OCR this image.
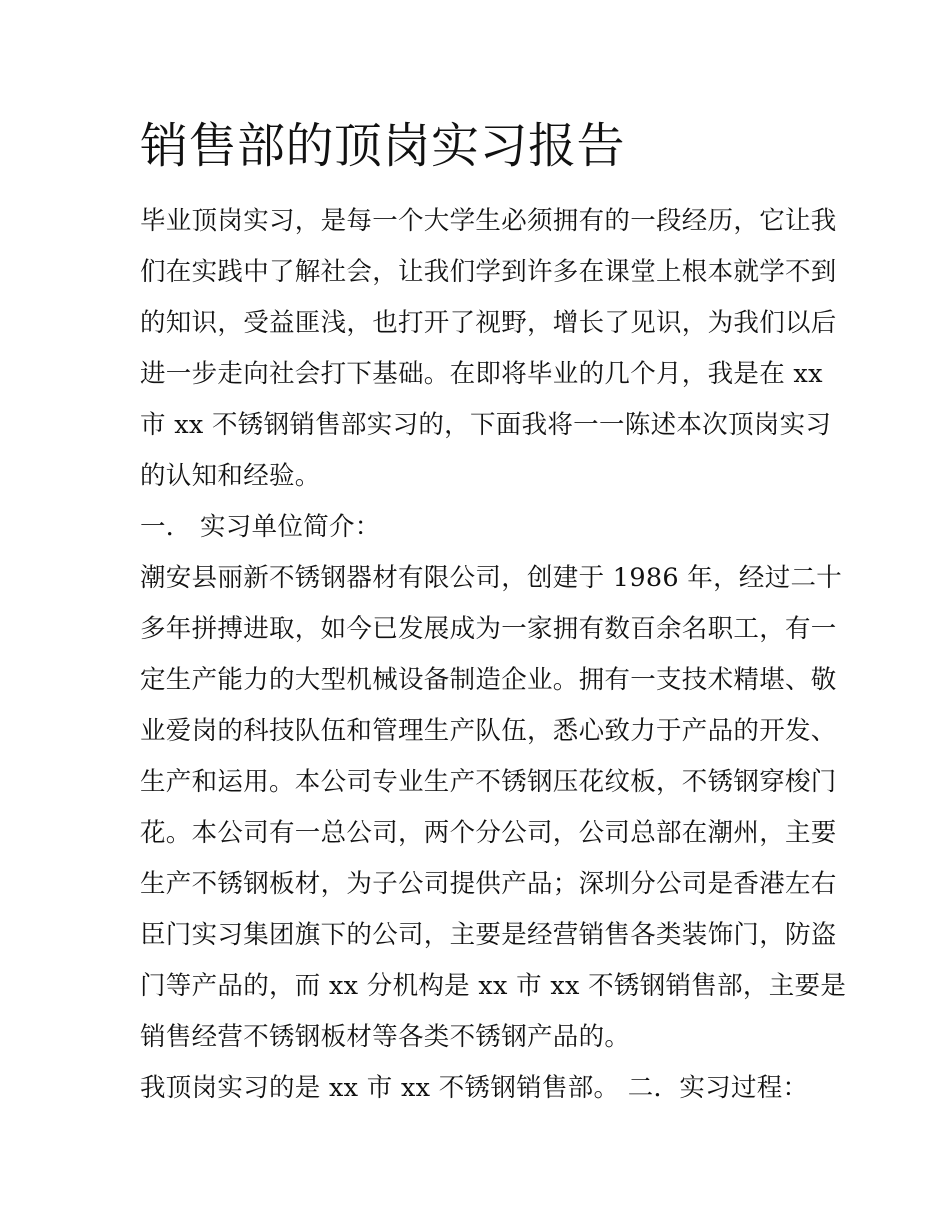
销售部的顶岗实习报告
毕业顶岗实习，是每一个大学生必须拥有的一段经历，它让我
们在实践中了解社会，让我们学到许多在课堂上根本就学不到
的知识，受益匪浅，也打开了视野，增长了见识，为我们以后
进一步走向社会打下基础。在即将毕业的几个月，我是在 xx
市 xx 不锈钢销售部实习的，下面我将一一陈述本次顶岗实习
的认知和经验。
一． 实习单位简介：
潮安县丽新不锈钢器材有限公司，创建于 1986 年，经过二十
多年拼搏进取，如今已发展成为一家拥有数百余名职工，有一
定生产能力的大型机械设备制造企业。拥有一支技术精堪、敬
业爱岗的科技队伍和管理生产队伍，悉心致力于产品的开发、
生产和运用。本公司专业生产不锈钢压花纹板，不锈钢穿梭门
花。本公司有一总公司，两个分公司，公司总部在潮州，主要
生产不锈钢板材，为子公司提供产品；深圳分公司是香港左右
臣门实习集团旗下的公司，主要是经营销售各类装饰门，防盗
门等产品的，而 xx 分机构是 xx 市 xx 不锈钢销售部，主要是
销售经营不锈钢板材等各类不锈钢产品的。
我顶岗实习的是 xx 市 xx 不锈钢销售部。 二．实习过程：
